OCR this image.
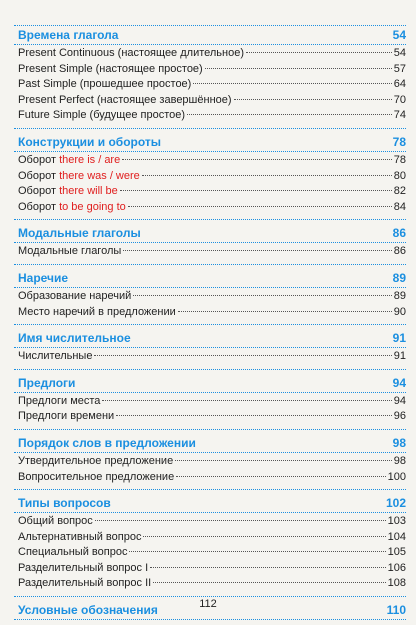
Времена глагола	54
Present Continuous (настоящее длительное)	54
Present Simple (настоящее простое)	57
Past Simple (прошедшее простое)	64
Present Perfect (настоящее завершённое)	70
Future Simple (будущее простое)	74
Конструкции и обороты	78
Оборот there is / are	78
Оборот there was / were	80
Оборот there will be	82
Оборот to be going to	84
Модальные глаголы	86
Модальные глаголы	86
Наречие	89
Образование наречий	89
Место наречий в предложении	90
Имя числительное	91
Числительные	91
Предлоги	94
Предлоги места	94
Предлоги времени	96
Порядок слов в предложении	98
Утвердительное предложение	98
Вопросительное предложение	100
Типы вопросов	102
Общий вопрос	103
Альтернативный вопрос	104
Специальный вопрос	105
Разделительный вопрос I	106
Разделительный вопрос II	108
Условные обозначения	110
112
